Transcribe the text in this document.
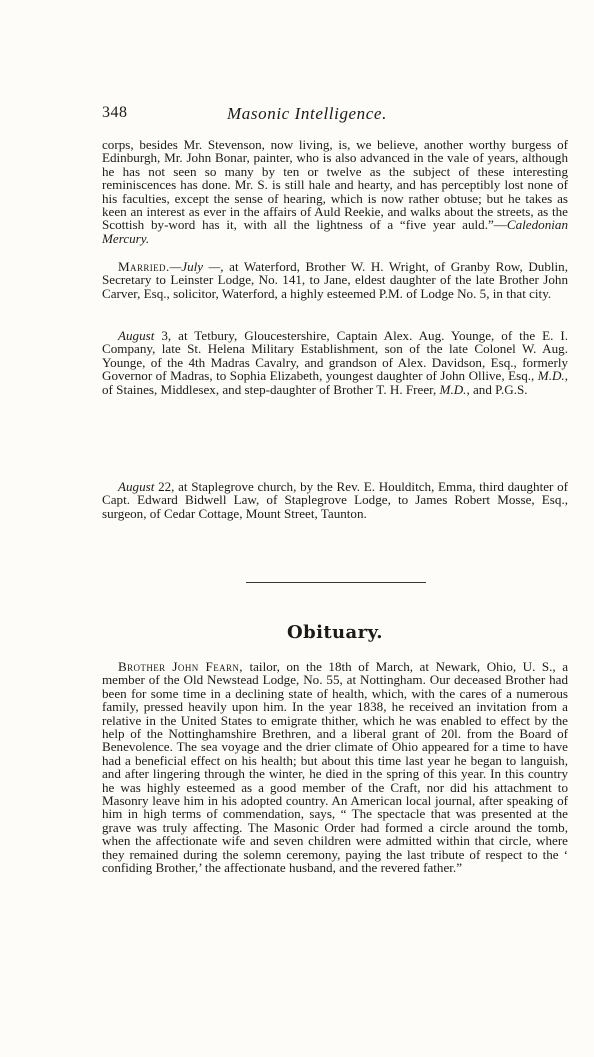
348	Masonic Intelligence.

corps, besides Mr. Stevenson, now living, is, we believe, another worthy burgess of Edinburgh, Mr. John Bonar, painter, who is also advanced in the vale of years, although he has not seen so many by ten or twelve as the subject of these interesting reminiscences has done. Mr. S. is still hale and hearty, and has perceptibly lost none of his faculties, except the sense of hearing, which is now rather obtuse; but he takes as keen an interest as ever in the affairs of Auld Reekie, and walks about the streets, as the Scottish by-word has it, with all the lightness of a “five year auld.”—Caledonian Mercury.

Married.—July —, at Waterford, Brother W. H. Wright, of Granby Row, Dublin, Secretary to Leinster Lodge, No. 141, to Jane, eldest daughter of the late Brother John Carver, Esq., solicitor, Waterford, a highly esteemed P.M. of Lodge No. 5, in that city.

August 3, at Tetbury, Gloucestershire, Captain Alex. Aug. Younge, of the E. I. Company, late St. Helena Military Establishment, son of the late Colonel W. Aug. Younge, of the 4th Madras Cavalry, and grandson of Alex. Davidson, Esq., formerly Governor of Madras, to Sophia Elizabeth, youngest daughter of John Ollive, Esq., M.D., of Staines, Middlesex, and step-daughter of Brother T. H. Freer, M.D., and P.G.S.

August 22, at Staplegrove church, by the Rev. E. Houlditch, Emma, third daughter of Capt. Edward Bidwell Law, of Staplegrove Lodge, to James Robert Mosse, Esq., surgeon, of Cedar Cottage, Mount Street, Taunton.

Obituary.

Brother John Fearn, tailor, on the 18th of March, at Newark, Ohio, U. S., a member of the Old Newstead Lodge, No. 55, at Nottingham. Our deceased Brother had been for some time in a declining state of health, which, with the cares of a numerous family, pressed heavily upon him. In the year 1838, he received an invitation from a relative in the United States to emigrate thither, which he was enabled to effect by the help of the Nottinghamshire Brethren, and a liberal grant of 20l. from the Board of Benevolence. The sea voyage and the drier climate of Ohio appeared for a time to have had a beneficial effect on his health; but about this time last year he began to languish, and after lingering through the winter, he died in the spring of this year. In this country he was highly esteemed as a good member of the Craft, nor did his attachment to Masonry leave him in his adopted country. An American local journal, after speaking of him in high terms of commendation, says, “ The spectacle that was presented at the grave was truly affecting. The Masonic Order had formed a circle around the tomb, when the affectionate wife and seven children were admitted within that circle, where they remained during the solemn ceremony, paying the last tribute of respect to the ‘ confiding Brother,’ the affectionate husband, and the revered father.”
